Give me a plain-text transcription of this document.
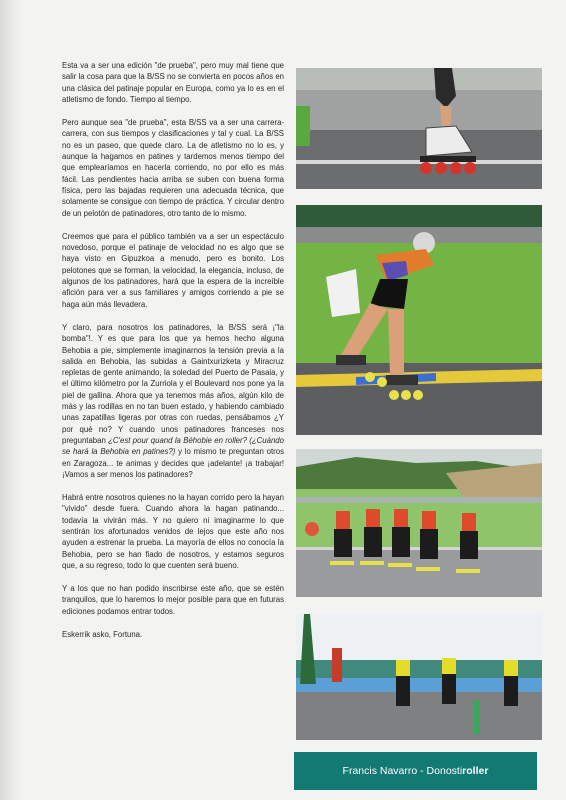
Esta va a ser una edición "de prueba", pero muy mal tiene que salir la cosa para que la B/SS no se convierta en pocos años en una clásica del patinaje popular en Europa, como ya lo es en el atletismo de fondo. Tiempo al tiempo.

Pero aunque sea "de prueba", esta B/SS va a ser una carrera-carrera, con sus tiempos y clasificaciones y tal y cual. La B/SS no es un paseo, que quede claro. La de atletismo no lo es, y aunque la hagamos en patines y tardemos menos tiempo del que emplearíamos en hacerla corriendo, no por ello es más fácil. Las pendientes hacia arriba se suben con buena forma física, pero las bajadas requieren una adecuada técnica, que solamente se consigue con tiempo de práctica. Y circular dentro de un pelotón de patinadores, otro tanto de lo mismo.

Creemos que para el público también va a ser un espectáculo novedoso, porque el patinaje de velocidad no es algo que se haya visto en Gipuzkoa a menudo, pero es bonito. Los pelotones que se forman, la velocidad, la elegancia, incluso, de algunos de los patinadores, hará que la espera de la increíble afición para ver a sus familiares y amigos corriendo a pie se haga aún más llevadera.

Y claro, para nosotros los patinadores, la B/SS será ¡"la bomba"!. Y es que para los que ya hemos hecho alguna Behobia a pie, simplemente imaginarnos la tensión previa a la salida en Behobia, las subidas a Gaintxurizketa y Miracruz repletas de gente animando, la soledad del Puerto de Pasaia, y el último kilómetro por la Zurriola y el Boulevard nos pone ya la piel de gallina. Ahora que ya tenemos más años, algún kilo de más y las rodillas en no tan buen estado, y habiendo cambiado unas zapatillas ligeras por otras con ruedas, pensábamos ¿Y por qué no? Y cuando unos patinadores franceses nos preguntaban ¿C'est pour quand la Béhobie en roller? (¿Cuándo se hará la Behobia en patines?) y lo mismo te preguntan otros en Zaragoza... te animas y decides que ¡adelante! ¡a trabajar! ¡Vamos a ser menos los patinadores?

Habrá entre nosotros quienes no la hayan corrido pero la hayan "vivido" desde fuera. Cuando ahora la hagan patinando... todavía la vivirán más. Y no quiero ni imaginarme lo que sentirán los afortunados venidos de lejos que este año nos ayuden a estrenar la prueba. La mayoría de ellos no conocía la Behobia, pero se han fiado de nosotros, y estamos seguros que, a su regreso, todo lo que cuenten será bueno.

Y a los que no han podido inscribirse este año, que se estén tranquilos, que lo haremos lo mejor posible para que en futuras ediciones podamos entrar todos.

Eskerrik asko, Fortuna.

Francis Navarro - Donostiroller
